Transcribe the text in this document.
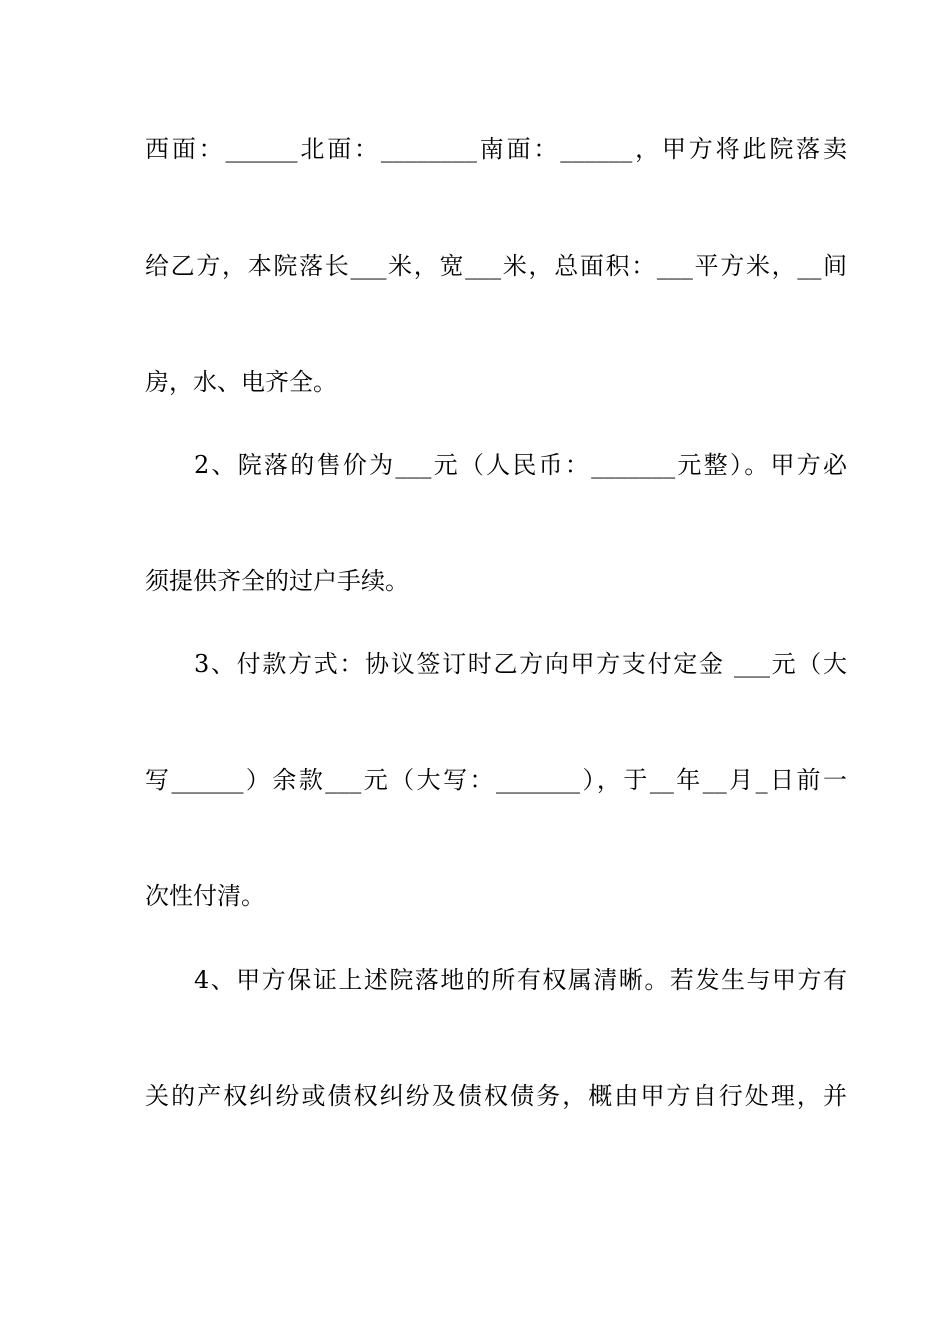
西面：______北面：________南面：______，甲方将此院落卖
给乙方，本院落长___米，宽___米，总面积：___平方米，__间
房，水、电齐全。
2、院落的售价为___元（人民币：_______元整）。甲方必
须提供齐全的过户手续。
3、付款方式：协议签订时乙方向甲方支付定金 ___元（大
写______）余款___元（大写：_______），于__年__月_日前一
次性付清。
4、甲方保证上述院落地的所有权属清晰。若发生与甲方有
关的产权纠纷或债权纠纷及债权债务，概由甲方自行处理，并
